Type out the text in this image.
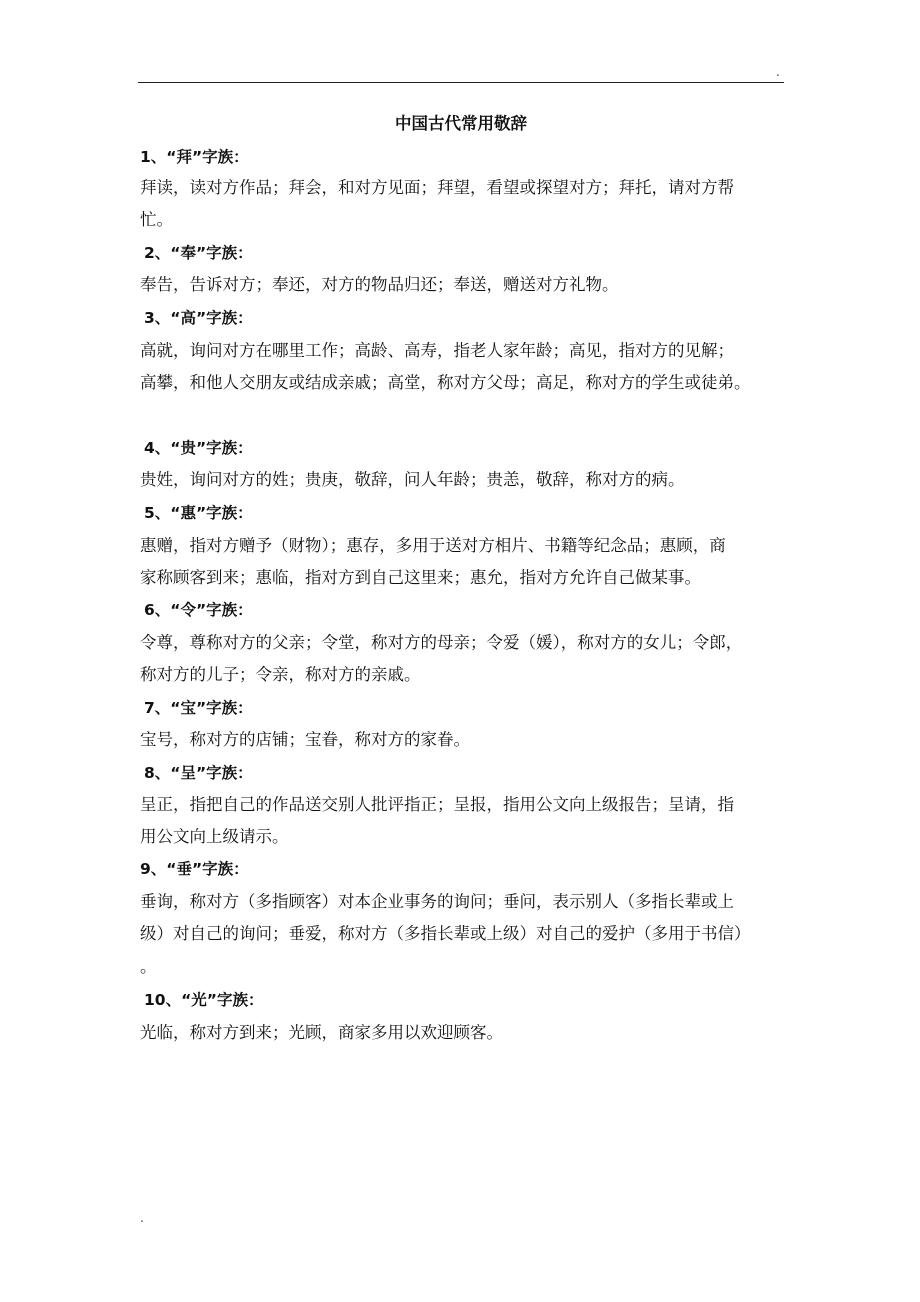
.
中国古代常用敬辞
1、“拜”字族：
拜读，读对方作品；拜会，和对方见面；拜望，看望或探望对方；拜托，请对方帮
忙。
2、“奉”字族：
奉告，告诉对方；奉还，对方的物品归还；奉送，赠送对方礼物。
3、“高”字族：
高就，询问对方在哪里工作；高龄、高寿，指老人家年龄；高见，指对方的见解；
高攀，和他人交朋友或结成亲戚；高堂，称对方父母；高足，称对方的学生或徒弟。
4、“贵”字族：
贵姓，询问对方的姓；贵庚，敬辞，问人年龄；贵恙，敬辞，称对方的病。
5、“惠”字族：
惠赠，指对方赠予（财物）；惠存，多用于送对方相片、书籍等纪念品；惠顾，商
家称顾客到来；惠临，指对方到自己这里来；惠允，指对方允许自己做某事。
6、“令”字族：
令尊，尊称对方的父亲；令堂，称对方的母亲；令爱（媛），称对方的女儿；令郎，
称对方的儿子；令亲，称对方的亲戚。
7、“宝”字族：
宝号，称对方的店铺；宝眷，称对方的家眷。
8、“呈”字族：
呈正，指把自己的作品送交别人批评指正；呈报，指用公文向上级报告；呈请，指
用公文向上级请示。
9、“垂”字族：
垂询，称对方（多指顾客）对本企业事务的询问；垂问，表示别人（多指长辈或上
级）对自己的询问；垂爱，称对方（多指长辈或上级）对自己的爱护（多用于书信）
。
10、“光”字族：
光临，称对方到来；光顾，商家多用以欢迎顾客。
.
